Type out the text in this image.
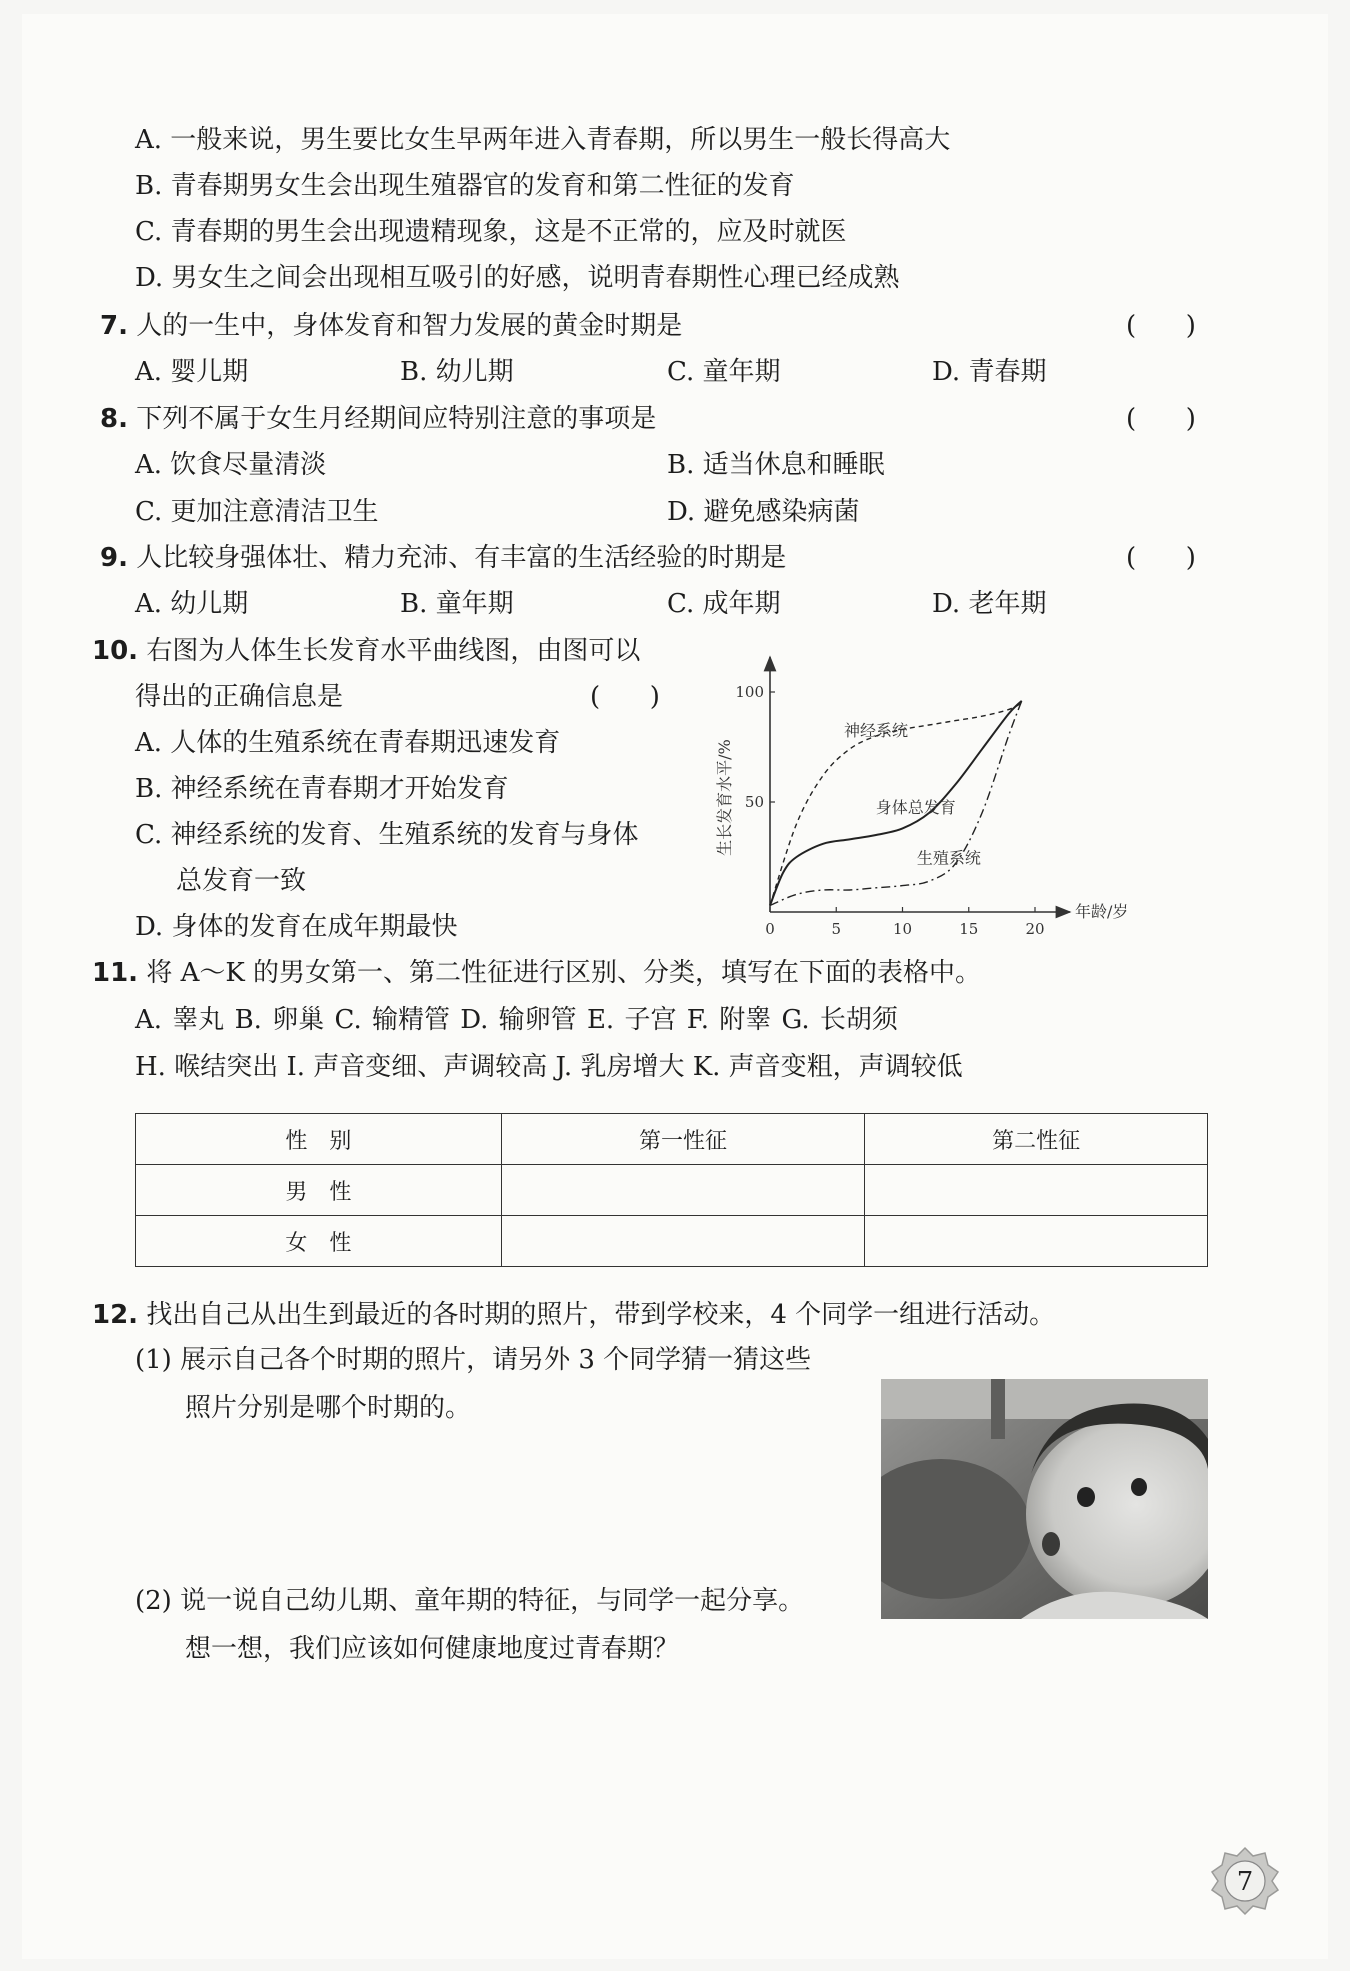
A. 一般来说，男生要比女生早两年进入青春期，所以男生一般长得高大
B. 青春期男女生会出现生殖器官的发育和第二性征的发育
C. 青春期的男生会出现遗精现象，这是不正常的，应及时就医
D. 男女生之间会出现相互吸引的好感，说明青春期性心理已经成熟
7. 人的一生中，身体发育和智力发展的黄金时期是	(      )
A. 婴儿期	B. 幼儿期	C. 童年期	D. 青春期
8. 下列不属于女生月经期间应特别注意的事项是	(      )
A. 饮食尽量清淡	B. 适当休息和睡眠
C. 更加注意清洁卫生	D. 避免感染病菌
9. 人比较身强体壮、精力充沛、有丰富的生活经验的时期是	(      )
A. 幼儿期	B. 童年期	C. 成年期	D. 老年期
10. 右图为人体生长发育水平曲线图，由图可以
得出的正确信息是	(      )
A. 人体的生殖系统在青春期迅速发育
B. 神经系统在青春期才开始发育
C. 神经系统的发育、生殖系统的发育与身体
总发育一致
D. 身体的发育在成年期最快	0	5	10	15	20
50
100
年龄/岁
生长发育水平/%
神经系统
身体总发育
生殖系统
11. 将 A～K 的男女第一、第二性征进行区别、分类，填写在下面的表格中。
A. 睾丸 B. 卵巢 C. 输精管 D. 输卵管 E. 子宫 F. 附睾 G. 长胡须
H. 喉结突出 I. 声音变细、声调较高 J. 乳房增大 K. 声音变粗，声调较低
性　别	第一性征	第二性征
男　性		
女　性		
12. 找出自己从出生到最近的各时期的照片，带到学校来，4 个同学一组进行活动。
(1) 展示自己各个时期的照片，请另外 3 个同学猜一猜这些
照片分别是哪个时期的。
(2) 说一说自己幼儿期、童年期的特征，与同学一起分享。
想一想，我们应该如何健康地度过青春期？
7
